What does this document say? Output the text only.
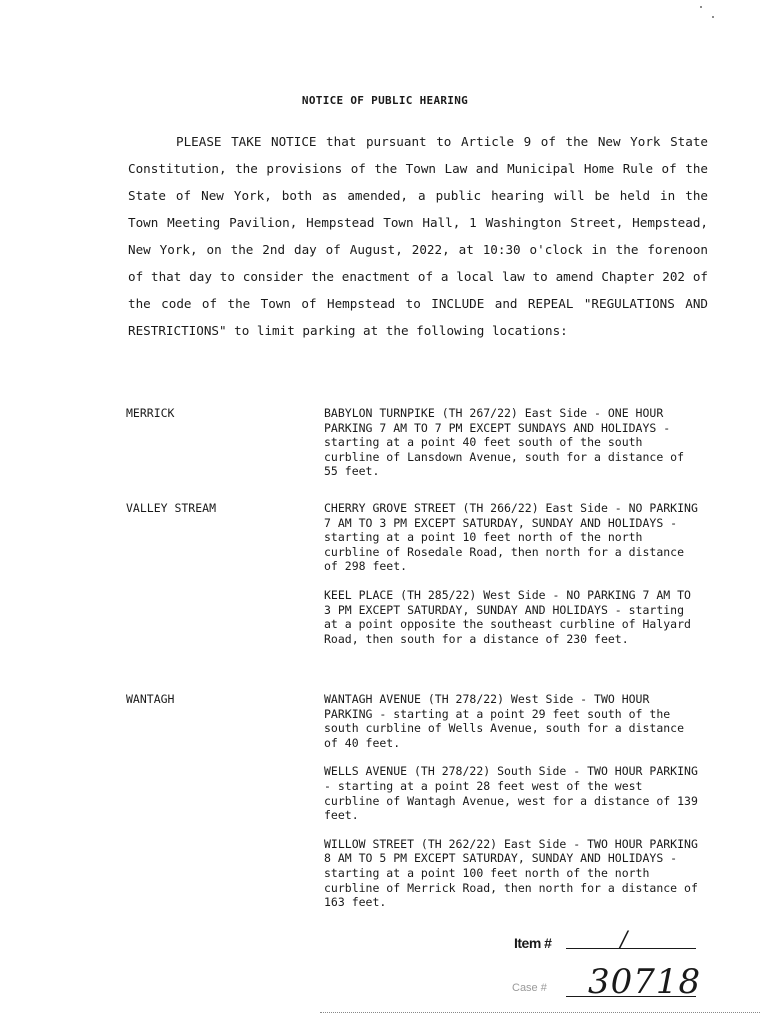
NOTICE OF PUBLIC HEARING
PLEASE TAKE NOTICE that pursuant to Article 9 of the New York State Constitution, the provisions of the Town Law and Municipal Home Rule of the State of New York, both as amended, a public hearing will be held in the Town Meeting Pavilion, Hempstead Town Hall, 1 Washington Street, Hempstead, New York, on the 2nd day of August, 2022, at 10:30 o'clock in the forenoon of that day to consider the enactment of a local law to amend Chapter 202 of the code of the Town of Hempstead to INCLUDE and REPEAL "REGULATIONS AND RESTRICTIONS" to limit parking at the following locations:
MERRICK	BABYLON TURNPIKE (TH 267/22) East Side - ONE HOUR PARKING 7 AM TO 7 PM EXCEPT SUNDAYS AND HOLIDAYS - starting at a point 40 feet south of the south curbline of Lansdown Avenue, south for a distance of 55 feet.
VALLEY STREAM	CHERRY GROVE STREET (TH 266/22) East Side - NO PARKING 7 AM TO 3 PM EXCEPT SATURDAY, SUNDAY AND HOLIDAYS - starting at a point 10 feet north of the north curbline of Rosedale Road, then north for a distance of 298 feet.
KEEL PLACE (TH 285/22) West Side - NO PARKING 7 AM TO 3 PM EXCEPT SATURDAY, SUNDAY AND HOLIDAYS - starting at a point opposite the southeast curbline of Halyard Road, then south for a distance of 230 feet.
WANTAGH	WANTAGH AVENUE (TH 278/22) West Side - TWO HOUR PARKING - starting at a point 29 feet south of the south curbline of Wells Avenue, south for a distance of 40 feet.
WELLS AVENUE (TH 278/22) South Side - TWO HOUR PARKING - starting at a point 28 feet west of the west curbline of Wantagh Avenue, west for a distance of 139 feet.
WILLOW STREET (TH 262/22) East Side - TWO HOUR PARKING 8 AM TO 5 PM EXCEPT SATURDAY, SUNDAY AND HOLIDAYS - starting at a point 100 feet north of the north curbline of Merrick Road, then north for a distance of 163 feet.
Item #	/
Case # 30718
